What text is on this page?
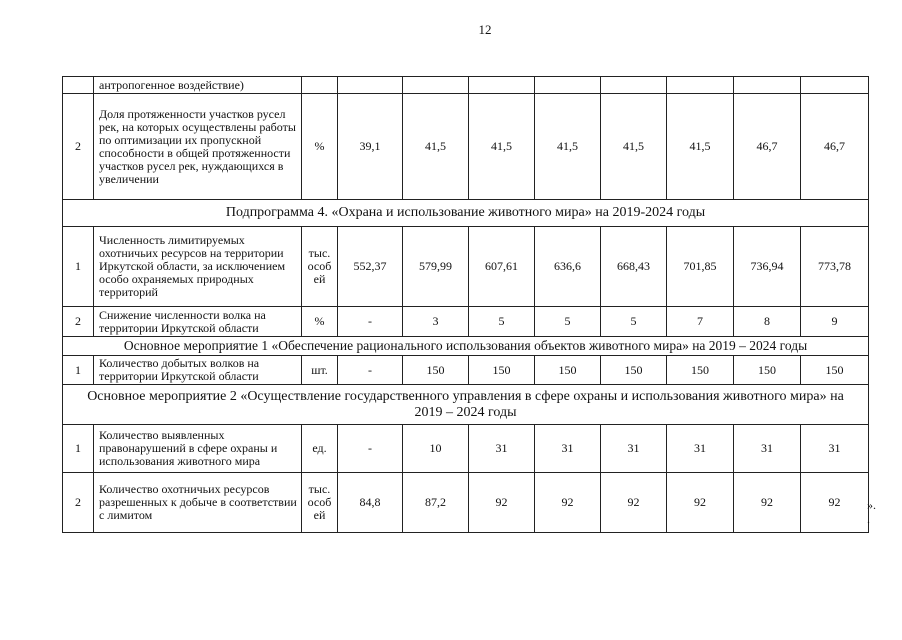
12
	антропогенное воздействие)									
2	Доля протяженности участков русел рек, на которых осуществлены работы по оптимизации их пропускной способности в общей протяженности участков русел рек, нуждающихся в увеличении	%	39,1	41,5	41,5	41,5	41,5	41,5	46,7	46,7
Подпрограмма 4. «Охрана и использование животного мира» на 2019-2024 годы										
1	Численность лимитируемых охотничьих ресурсов на территории Иркутской области, за исключением особо охраняемых природных территорий	тыс. особ ей	552,37	579,99	607,61	636,6	668,43	701,85	736,94	773,78
2	Снижение численности волка на территории Иркутской области	%	-	3	5	5	5	7	8	9
Основное мероприятие 1 «Обеспечение рационального использования объектов животного мира» на 2019 – 2024 годы										
1	Количество добытых волков на территории Иркутской области	шт.	-	150	150	150	150	150	150	150
Основное мероприятие 2 «Осуществление государственного управления в сфере охраны и использования животного мира» на 2019 – 2024 годы										
1	Количество выявленных правонарушений в сфере охраны и использования животного мира	ед.	-	10	31	31	31	31	31	31
2	Количество охотничьих ресурсов разрешенных к добыче в соответствии с лимитом	тыс. особ ей	84,8	87,2	92	92	92	92	92	92 ».
.
